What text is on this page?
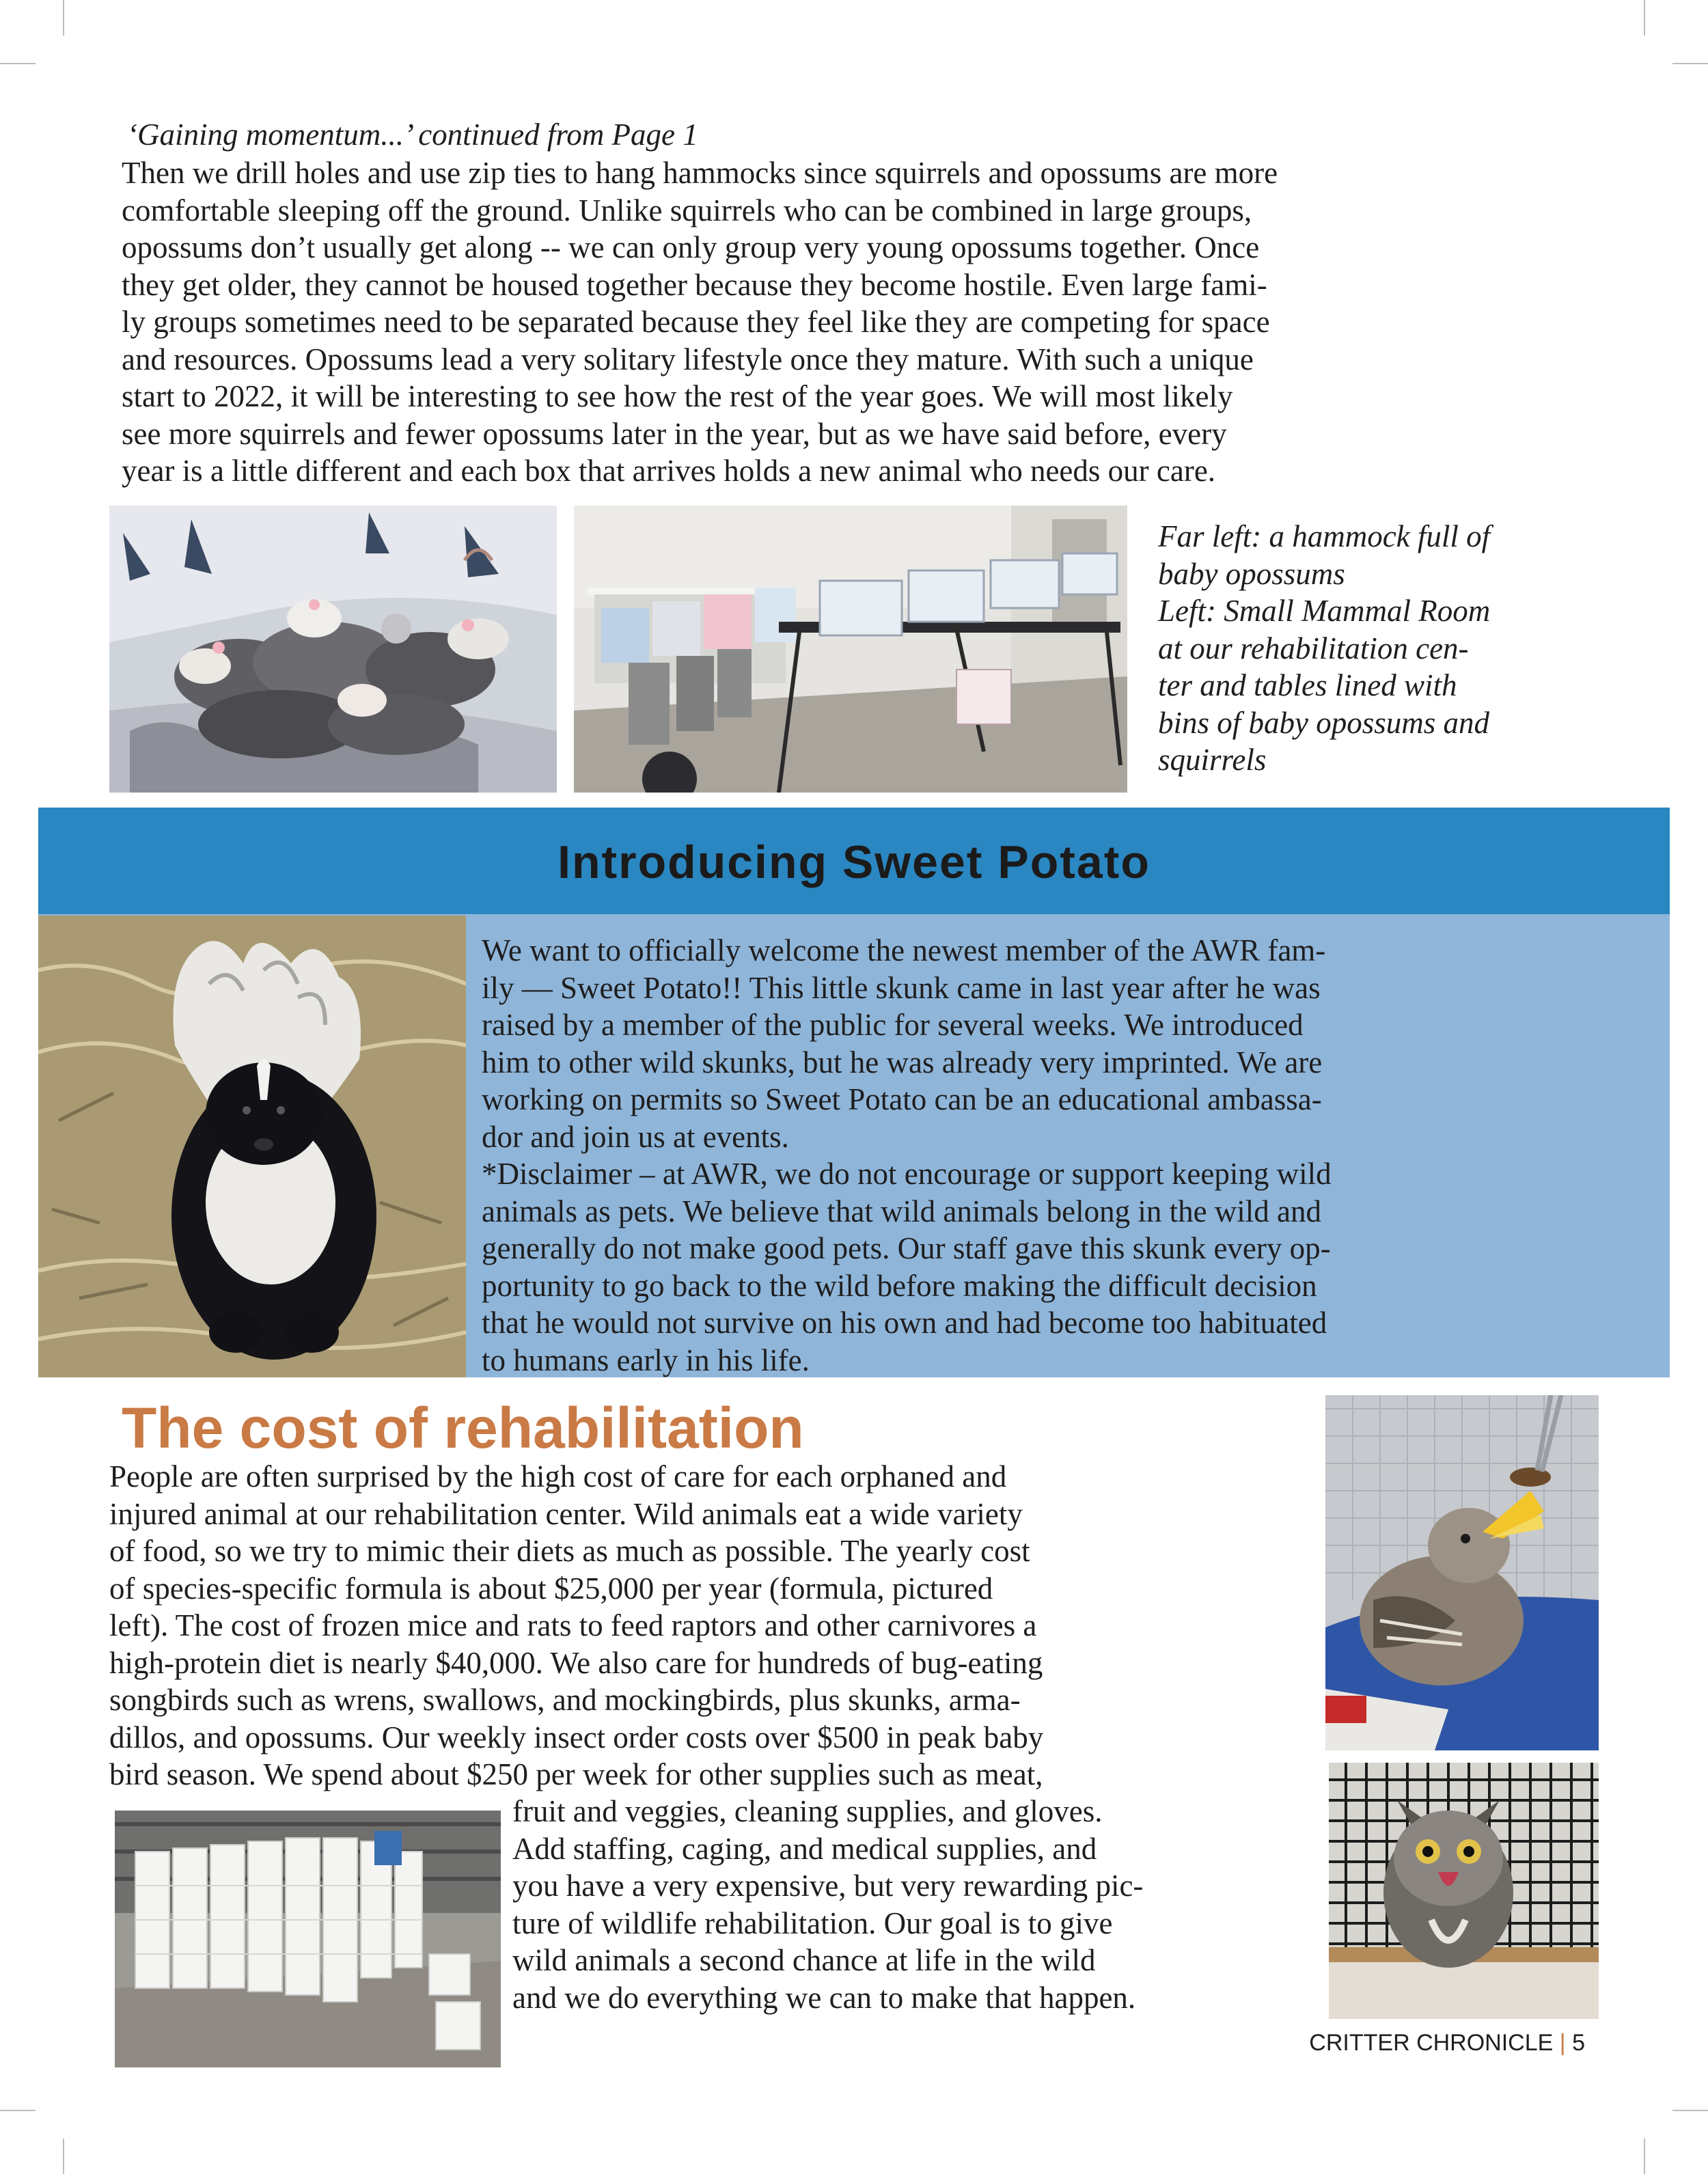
‘Gaining momentum...’ continued from Page 1

Then we drill holes and use zip ties to hang hammocks since squirrels and opossums are more

comfortable sleeping off the ground. Unlike squirrels who can be combined in large groups,

opossums don’t usually get along -- we can only group very young opossums together. Once

they get older, they cannot be housed together because they become hostile. Even large fami-

ly groups sometimes need to be separated because they feel like they are competing for space

and resources. Opossums lead a very solitary lifestyle once they mature. With such a unique

start to 2022, it will be interesting to see how the rest of the year goes. We will most likely

see more squirrels and fewer opossums later in the year, but as we have said before, every

year is a little different and each box that arrives holds a new animal who needs our care.

Far left: a hammock full of
baby opossums
Left: Small Mammal Room
at our rehabilitation cen-
ter and tables lined with
bins of baby opossums and
squirrels
Introducing Sweet Potato

We want to officially welcome the newest member of the AWR fam-

ily — Sweet Potato!! This little skunk came in last year after he was

raised by a member of the public for several weeks. We introduced

him to other wild skunks, but he was already very imprinted. We are

working on permits so Sweet Potato can be an educational ambassa-

dor and join us at events.

*Disclaimer – at AWR, we do not encourage or support keeping wild

animals as pets. We believe that wild animals belong in the wild and

generally do not make good pets. Our staff gave this skunk every op-

portunity to go back to the wild before making the difficult decision

that he would not survive on his own and had become too habituated

to humans early in his life.

The cost of rehabilitation

People are often surprised by the high cost of care for each orphaned and

injured animal at our rehabilitation center. Wild animals eat a wide variety

of food, so we try to mimic their diets as much as possible. The yearly cost

of species-specific formula is about $25,000 per year (formula, pictured

left). The cost of frozen mice and rats to feed raptors and other carnivores a

high-protein diet is nearly $40,000. We also care for hundreds of bug-eating

songbirds such as wrens, swallows, and mockingbirds, plus skunks, arma-

dillos, and opossums. Our weekly insect order costs over $500 in peak baby

bird season. We spend about $250 per week for other supplies such as meat,

fruit and veggies, cleaning supplies, and gloves.

Add staffing, caging, and medical supplies, and

you have a very expensive, but very rewarding pic-

ture of wildlife rehabilitation. Our goal is to give

wild animals a second chance at life in the wild

and we do everything we can to make that happen.

CRITTER CHRONICLE | 5
